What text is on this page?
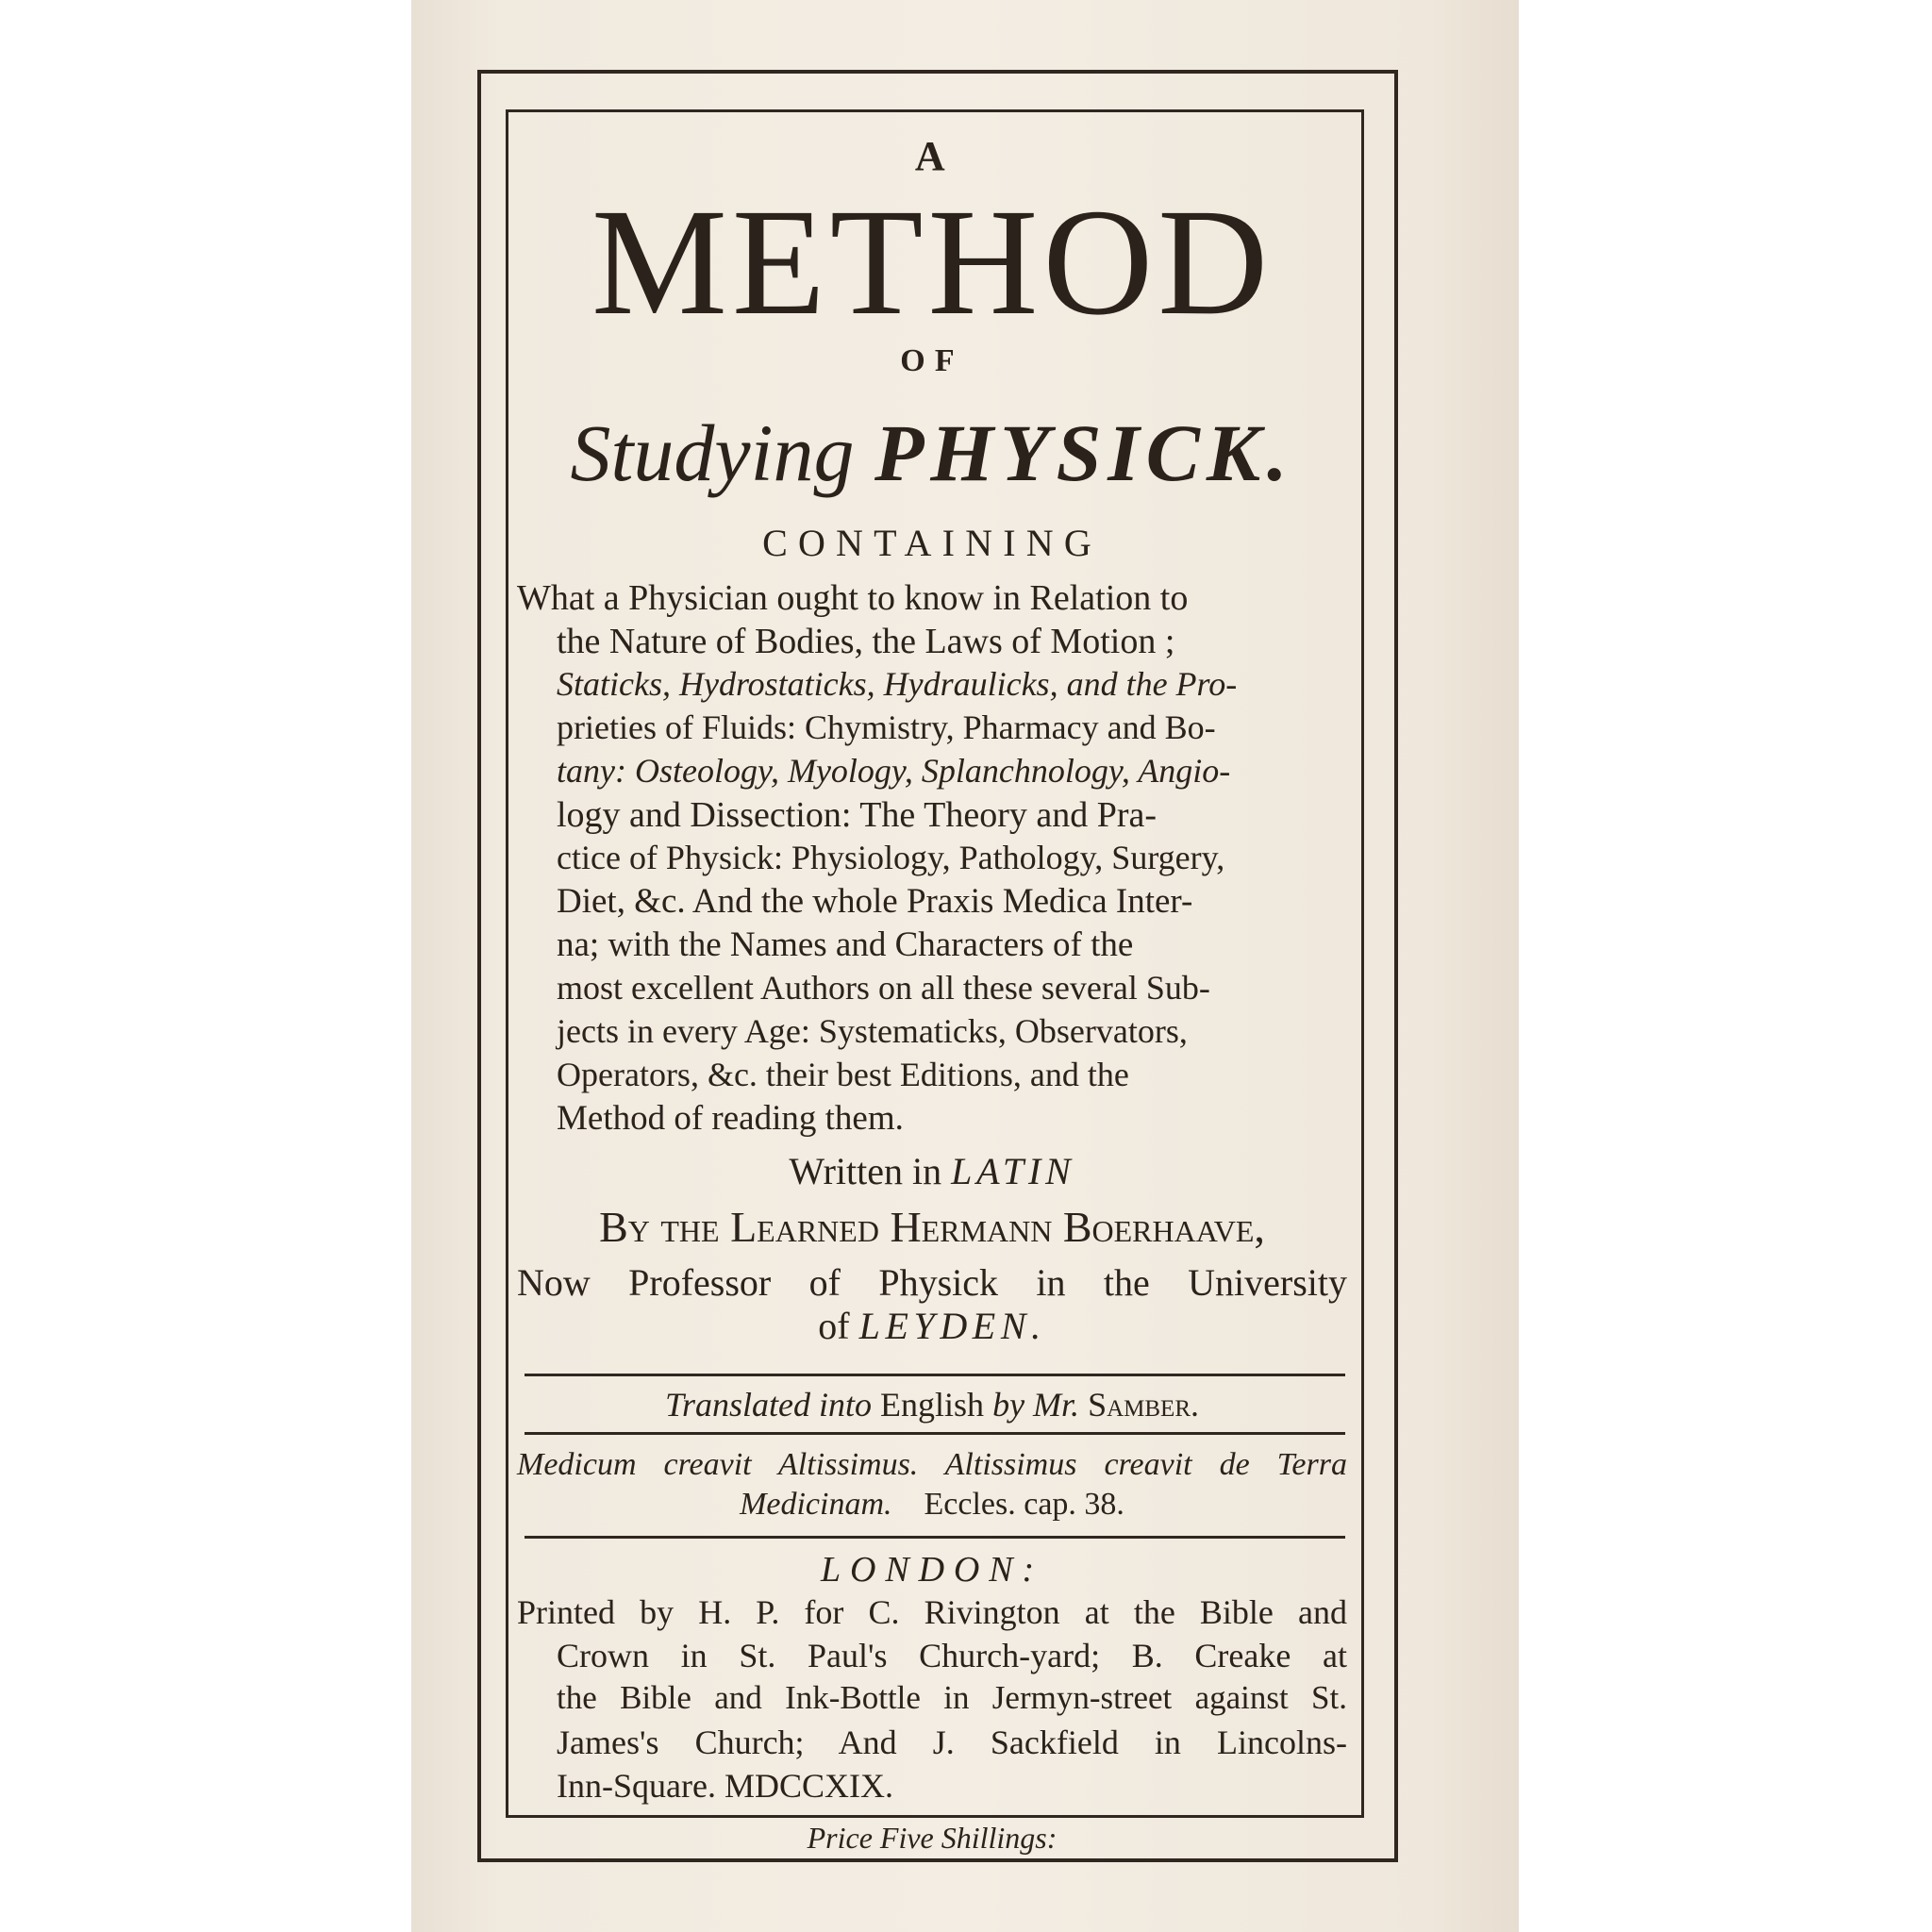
A
METHOD
OF
Studying PHYSICK.
CONTAINING
What a Physician ought to know in Relation to
the Nature of Bodies, the Laws of Motion ;
Staticks, Hydrostaticks, Hydraulicks, and the Pro-
prieties of Fluids: Chymistry, Pharmacy and Bo-
tany: Osteology, Myology, Splanchnology, Angio-
logy and Dissection: The Theory and Pra-
ctice of Physick: Physiology, Pathology, Surgery,
Diet, &c. And the whole Praxis Medica Inter-
na; with the Names and Characters of the
most excellent Authors on all these several Sub-
jects in every Age: Systematicks, Observators,
Operators, &c. their best Editions, and the
Method of reading them.
Written in LATIN
By the Learned Hermann Boerhaave,
Now Professor of Physick in the University
of LEYDEN.
Translated into English by Mr. Samber.
Medicum creavit Altissimus. Altissimus creavit de Terra
Medicinam. Eccles. cap. 38.
LONDON:
Printed by H. P. for C. Rivington at the Bible and
Crown in St. Paul's Church-yard; B. Creake at
the Bible and Ink-Bottle in Jermyn-street against St.
James's Church; And J. Sackfield in Lincolns-
Inn-Square. MDCCXIX.
Price Five Shillings:
